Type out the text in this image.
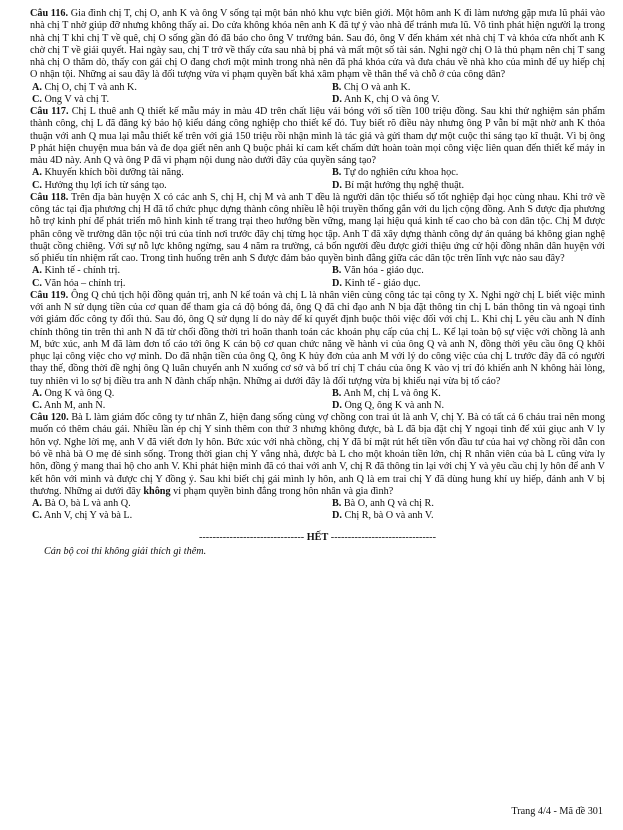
Câu 116. Gia đình chị T, chị O, anh K và ông V sống tại một bản nhỏ khu vực biên giới. Một hôm anh K đi làm nương gặp mưa lũ phải vào nhà chị T nhờ giúp đỡ nhưng không thấy ai. Do cửa không khóa nên anh K đã tự ý vào nhà để tránh mưa lũ. Vô tình phát hiện người lạ trong nhà chị T khi chị T về quê, chị O sống gần đó đã báo cho ông V trưởng bản. Sau đó, ông V đến khám xét nhà chị T và khóa cửa nhốt anh K chờ chị T về giải quyết. Hai ngày sau, chị T trở về thấy cửa sau nhà bị phá và mất một số tài sản. Nghi ngờ chị O là thủ phạm nên chị T sang nhà chị O thăm dò, thấy con gái chị O đang chơi một mình trong nhà nên đã phá khóa cửa và đưa cháu về nhà kho của mình để uy hiếp chị O nhận tội. Những ai sau đây là đối tượng vừa vi phạm quyền bất khả xâm phạm về thân thể và chỗ ở của công dân?

A. Chị O, chị T và anh K.	B. Chị O và anh K.
C. Ông V và chị T.	D. Anh K, chị O và ông V.

Câu 117. Chị L thuê anh Q thiết kế mẫu máy in màu 4D trên chất liệu vải bóng với số tiền 100 triệu đồng. Sau khi thử nghiệm sản phẩm thành công, chị L đã đăng ký bảo hộ kiểu dáng công nghiệp cho thiết kế đó. Tuy biết rõ điều này nhưng ông P vẫn bí mật nhờ anh K thỏa thuận với anh Q mua lại mẫu thiết kế trên với giá 150 triệu rồi nhận mình là tác giả và gửi tham dự một cuộc thi sáng tạo kĩ thuật. Vì bị ông P phát hiện chuyện mua bán và đe dọa giết nên anh Q buộc phải kí cam kết chấm dứt hoàn toàn mọi công việc liên quan đến thiết kế máy in màu 4D này. Anh Q và ông P đã vi phạm nội dung nào dưới đây của quyền sáng tạo?

A. Khuyến khích bồi dưỡng tài năng.	B. Tự do nghiên cứu khoa học.
C. Hưởng thụ lợi ích từ sáng tạo.	D. Bí mật hưởng thụ nghệ thuật.

Câu 118. Trên địa bàn huyện X có các anh S, chị H, chị M và anh T đều là người dân tộc thiểu số tốt nghiệp đại học cùng nhau. Khi trở về công tác tại địa phương chị H đã tổ chức phục dựng thành công nhiều lễ hội truyền thống gắn với du lịch cộng đồng. Anh S được địa phương hỗ trợ kinh phí để phát triển mô hình kinh tế trang trại theo hướng bền vững, mang lại hiệu quả kinh tế cao cho bà con dân tộc. Chị M được phân công về trường dân tộc nội trú của tỉnh nơi trước đây chị từng học tập. Anh T đã xây dựng thành công dự án quảng bá không gian nghệ thuật cồng chiêng. Với sự nỗ lực không ngừng, sau 4 năm ra trường, cả bốn người đều được giới thiệu ứng cử hội đồng nhân dân huyện với số phiếu tín nhiệm rất cao. Trong tình huống trên anh S được đảm bảo quyền bình đẳng giữa các dân tộc trên lĩnh vực nào sau đây?

A. Kinh tế - chính trị.	B. Văn hóa - giáo dục.
C. Văn hóa – chính trị.	D. Kinh tế - giáo dục.

Câu 119. Ông Q chủ tịch hội đồng quản trị, anh N kế toán và chị L là nhân viên cùng công tác tại công ty X. Nghi ngờ chị L biết việc mình với anh N sử dụng tiền của cơ quan để tham gia cá độ bóng đá, ông Q đã chỉ đạo anh N bịa đặt thông tin chị L bán thông tin và ngoại tình với giám đốc công ty đối thủ. Sau đó, ông Q sử dụng lí do này để kí quyết định buộc thôi việc đối với chị L. Khi chị L yêu cầu anh N đính chính thông tin trên thì anh N đã từ chối đồng thời trì hoãn thanh toán các khoản phụ cấp của chị L. Kể lại toàn bộ sự việc với chồng là anh M, bức xúc, anh M đã làm đơn tố cáo tới ông K cán bộ cơ quan chức năng về hành vi của ông Q và anh N, đồng thời yêu cầu ông Q khôi phục lại công việc cho vợ mình. Do đã nhận tiền của ông Q, ông K hủy đơn của anh M với lý do công việc của chị L trước đây đã có người thay thế, đồng thời đề nghị ông Q luân chuyển anh N xuống cơ sở và bố trí chị T cháu của ông K vào vị trí đó khiến anh N không hài lòng, tuy nhiên vì lo sợ bị điều tra anh N đành chấp nhận. Những ai dưới đây là đối tượng vừa bị khiếu nại vừa bị tố cáo?

A. Ông K và ông Q.	B. Anh M, chị L và ông K.
C. Anh M, anh N.	D. Ông Q, ông K và anh N.

Câu 120. Bà L làm giám đốc công ty tư nhân Z, hiện đang sống cùng vợ chồng con trai út là anh V, chị Y. Bà có tất cả 6 cháu trai nên mong muốn có thêm cháu gái. Nhiều lần ép chị Y sinh thêm con thứ 3 nhưng không được, bà L đã bịa đặt chị Y ngoại tình để xúi giục anh V ly hôn vợ. Nghe lời mẹ, anh V đã viết đơn ly hôn. Bức xúc với nhà chồng, chị Y đã bí mật rút hết tiền vốn đầu tư của hai vợ chồng rồi dẫn con bỏ về nhà bà O mẹ đẻ sinh sống. Trong thời gian chị Y vắng nhà, được bà L cho một khoản tiền lớn, chị R nhân viên của bà L cũng vừa ly hôn, đồng ý mang thai hộ cho anh V. Khi phát hiện mình đã có thai với anh V, chị R đã thông tin lại với chị Y và yêu cầu chị ly hôn để anh V kết hôn với mình và được chị Y đồng ý. Sau khi biết chị gái mình ly hôn, anh Q là em trai chị Y đã dùng hung khí uy hiếp, đánh anh V bị thương. Những ai dưới đây không vi phạm quyền bình đẳng trong hôn nhân và gia đình?

A. Bà O, bà L và anh Q.	B. Bà O, anh Q và chị R.
C. Anh V, chị Y và bà L.	D. Chị R, bà O và anh V.
------------------------------- HẾT -------------------------------
Cán bộ coi thi không giải thích gì thêm.
Trang 4/4 - Mã đề 301
